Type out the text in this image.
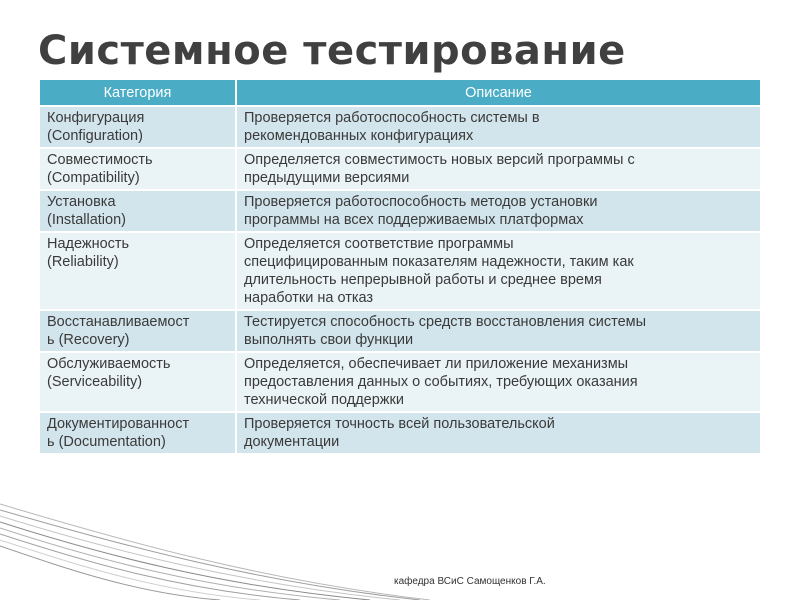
Системное тестирование
Категория	Описание

Конфигурация
(Configuration)	Проверяется работоспособность системы в
рекомендованных конфигурациях

Совместимость
(Compatibility)	Определяется совместимость новых версий программы с
предыдущими версиями

Установка
(Installation)	Проверяется работоспособность методов установки
программы на всех поддерживаемых платформах

Надежность
(Reliability)	Определяется соответствие программы
специфицированным показателям надежности, таким как
длительность непрерывной работы и среднее время
наработки на отказ

Восстанавливаемост
ь (Recovery)	Тестируется способность средств восстановления системы
выполнять свои функции

Обслуживаемость
(Serviceability)	Определяется, обеспечивает ли приложение механизмы
предоставления данных о событиях, требующих оказания
технической поддержки

Документированност
ь (Documentation)	Проверяется точность всей пользовательской
документации
кафедра ВСиС Самощенков Г.А.
